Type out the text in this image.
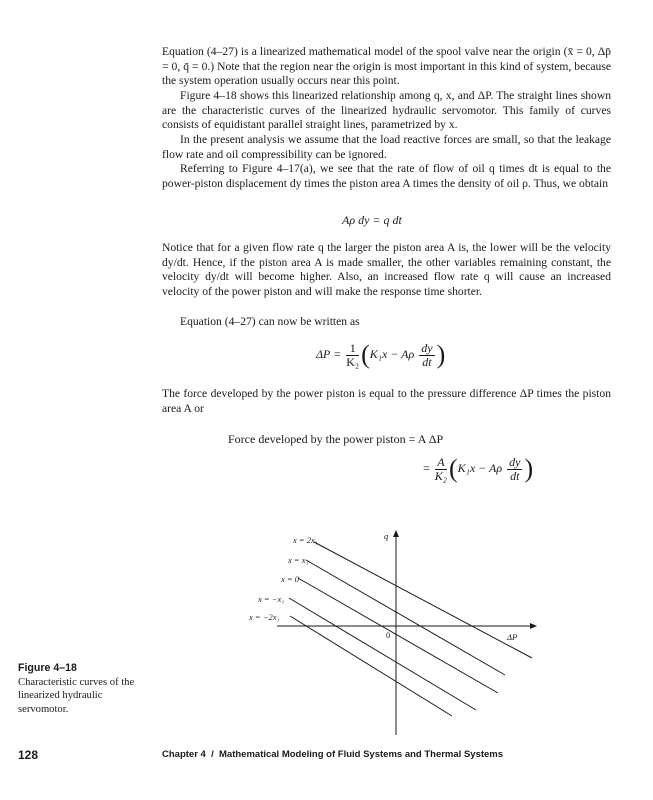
Equation (4–27) is a linearized mathematical model of the spool valve near the origin (x̄ = 0, Δp̄ = 0, q̄ = 0.) Note that the region near the origin is most important in this kind of system, because the system operation usually occurs near this point.

Figure 4–18 shows this linearized relationship among q, x, and ΔP. The straight lines shown are the characteristic curves of the linearized hydraulic servomotor. This family of curves consists of equidistant parallel straight lines, parametrized by x.

In the present analysis we assume that the load reactive forces are small, so that the leakage flow rate and oil compressibility can be ignored.

Referring to Figure 4–17(a), we see that the rate of flow of oil q times dt is equal to the power-piston displacement dy times the piston area A times the density of oil ρ. Thus, we obtain

Aρ dy = q dt

Notice that for a given flow rate q the larger the piston area A is, the lower will be the velocity dy/dt. Hence, if the piston area A is made smaller, the other variables remaining constant, the velocity dy/dt will become higher. Also, an increased flow rate q will cause an increased velocity of the power piston and will make the response time shorter.

Equation (4–27) can now be written as

$\Delta P = \frac{1}{\text{K₂}} (K_1x - A\rho \frac{dy}{dt}$ )

The force developed by the power piston is equal to the pressure difference ΔP times the piston area A or

Force developed by the power piston = A ΔP
= $\frac{A}{\text{K₂}} (K_1x - A\rho \frac{dy}{dt}$ )
q
ΔP
0
x = 2x₁
x = x₁
x = 0
x = −x₁
x = −2x₁
Figure 4–18
Characteristic curves of the linearized hydraulic servomotor.
128	Chapter 4  /  Mathematical Modeling of Fluid Systems and Thermal Systems
